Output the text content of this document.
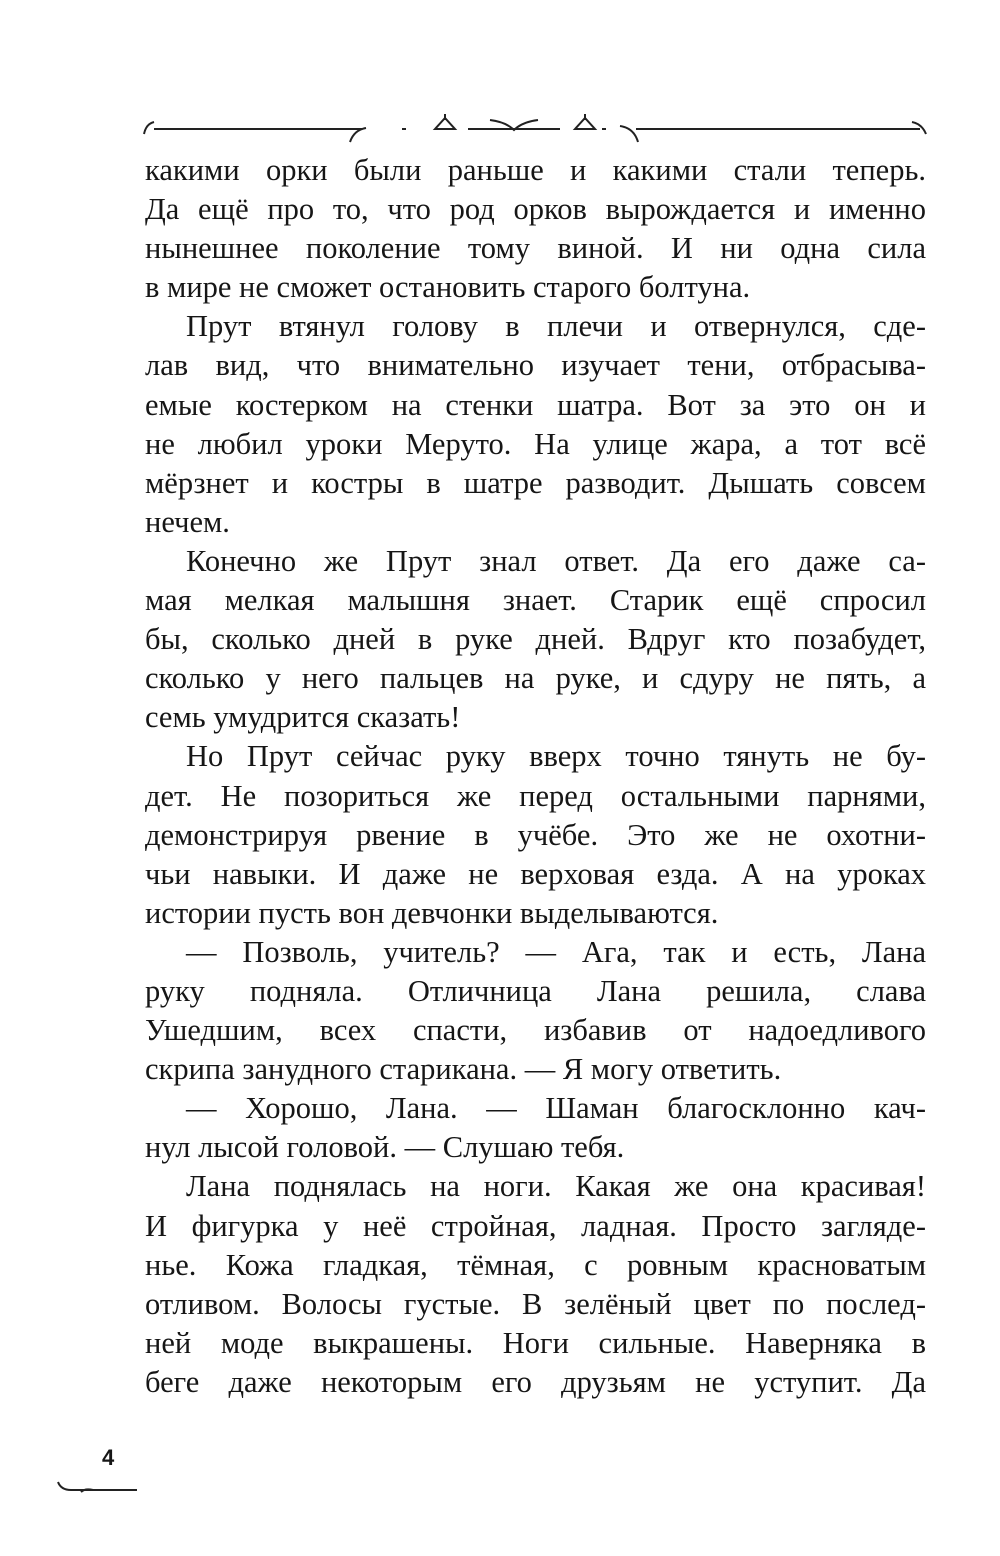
какими орки были раньше и какими стали теперь.
Да ещё про то, что род орков вырождается и именно
нынешнее поколение тому виной. И ни одна сила
в мире не сможет остановить старого болтуна.
Прут втянул голову в плечи и отвернулся, сде-
лав вид, что внимательно изучает тени, отбрасыва-
емые костерком на стенки шатра. Вот за это он и
не любил уроки Меруто. На улице жара, а тот всё
мёрзнет и костры в шатре разводит. Дышать совсем
нечем.
Конечно же Прут знал ответ. Да его даже са-
мая мелкая малышня знает. Старик ещё спросил
бы, сколько дней в руке дней. Вдруг кто позабудет,
сколько у него пальцев на руке, и сдуру не пять, а
семь умудрится сказать!
Но Прут сейчас руку вверх точно тянуть не бу-
дет. Не позориться же перед остальными парнями,
демонстрируя рвение в учёбе. Это же не охотни-
чьи навыки. И даже не верховая езда. А на уроках
истории пусть вон девчонки выделываются.
— Позволь, учитель? — Ага, так и есть, Лана
руку подняла. Отличница Лана решила, слава
Ушедшим, всех спасти, избавив от надоедливого
скрипа занудного старикана. — Я могу ответить.
— Хорошо, Лана. — Шаман благосклонно кач-
нул лысой головой. — Слушаю тебя.
Лана поднялась на ноги. Какая же она красивая!
И фигурка у неё стройная, ладная. Просто загляде-
нье. Кожа гладкая, тёмная, с ровным красноватым
отливом. Волосы густые. В зелёный цвет по послед-
ней моде выкрашены. Ноги сильные. Наверняка в
беге даже некоторым его друзьям не уступит. Да
4
